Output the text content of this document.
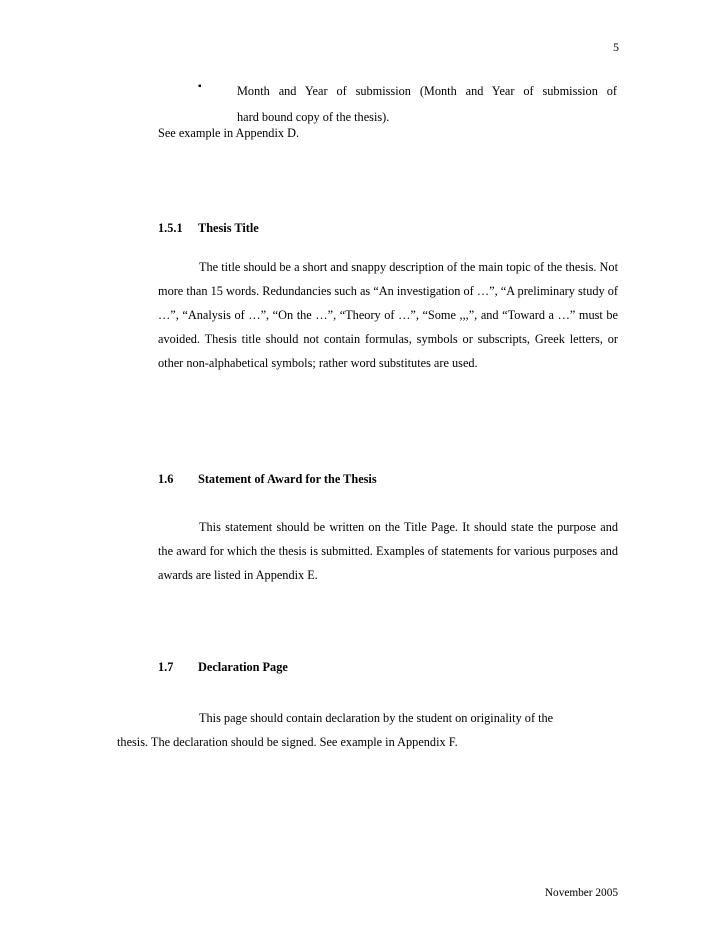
5
▪	Month and Year of submission (Month and Year of submission of
hard bound copy of the thesis).
See example in Appendix D.
1.5.1 Thesis Title
The title should be a short and snappy description of the main topic of the thesis. Not more than 15 words. Redundancies such as “An investigation of …”, “A preliminary study of …”, “Analysis of …”, “On the …”, “Theory of …”, “Some ,,,”, and “Toward a …” must be avoided. Thesis title should not contain formulas, symbols or subscripts, Greek letters, or other non-alphabetical symbols; rather word substitutes are used.
1.6 Statement of Award for the Thesis
This statement should be written on the Title Page. It should state the purpose and the award for which the thesis is submitted. Examples of statements for various purposes and awards are listed in Appendix E.
1.7 Declaration Page
This page should contain declaration by the student on originality of the
thesis. The declaration should be signed. See example in Appendix F.
November 2005
